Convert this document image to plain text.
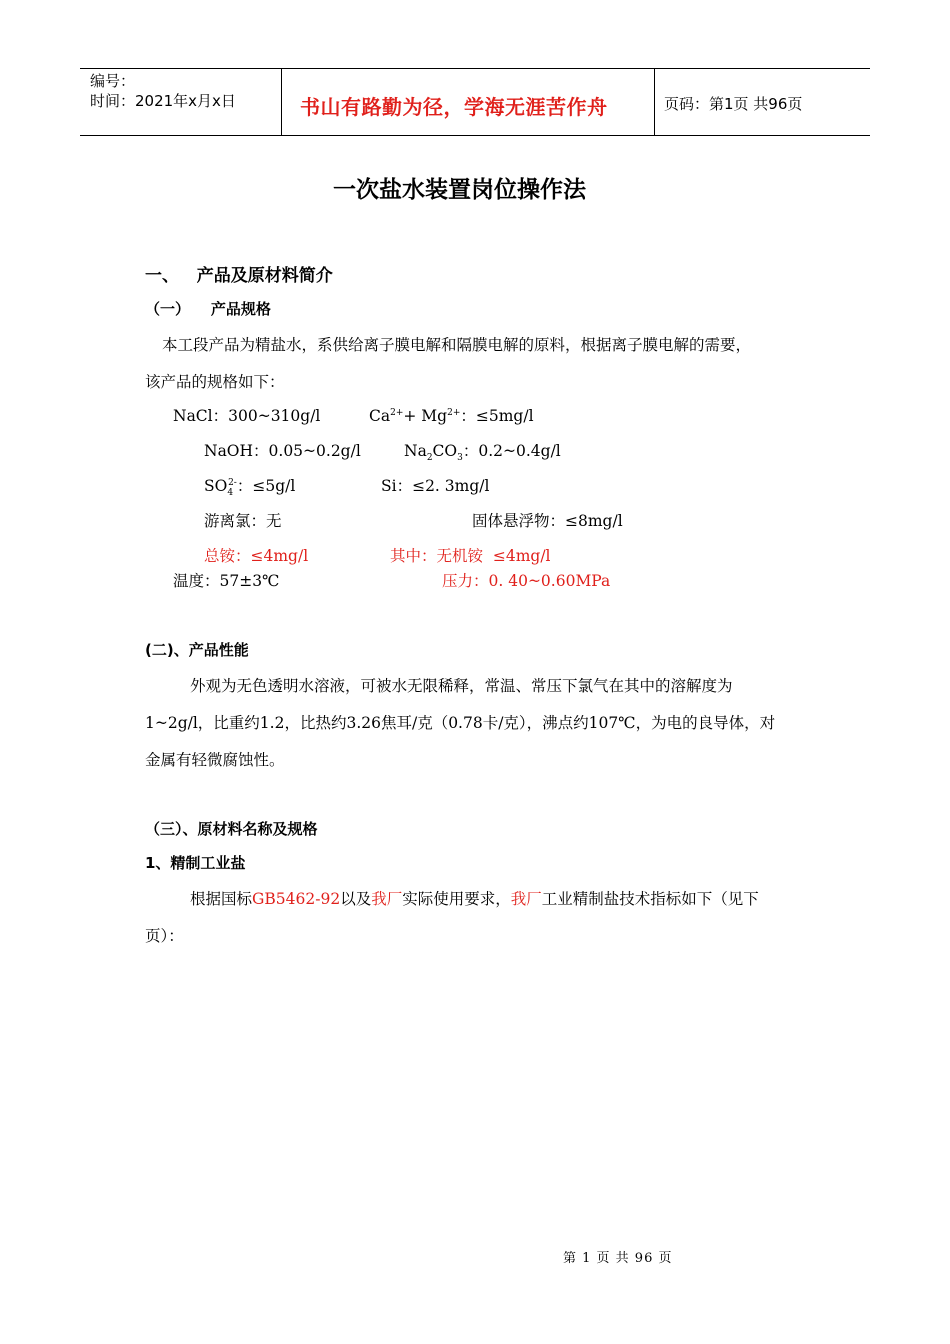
编号：
时间：2021年x月x日	书山有路勤为径，学海无涯苦作舟	页码：第1页 共96页
一次盐水装置岗位操作法
一、   产品及原材料简介
（一）    产品规格
本工段产品为精盐水，系供给离子膜电解和隔膜电解的原料，根据离子膜电解的需要，
该产品的规格如下：
NaCl：300~310g/l	$Ca^{2+}+ Mg^{2+}$：≤5mg/l
NaOH：0.05~0.2g/l	$Na_2CO_3$：0.2~0.4g/l
$SO_4^{2-}$：≤5g/l	Si：≤2. 3mg/l
游离氯：无	固体悬浮物：≤8mg/l
总铵：≤4mg/l	其中：无机铵  ≤4mg/l
温度：57±3℃	压力：0. 40~0.60MPa
(二)、产品性能
外观为无色透明水溶液，可被水无限稀释，常温、常压下氯气在其中的溶解度为
1~2g/l，比重约1.2，比热约3.26焦耳/克（0.78卡/克），沸点约107℃，为电的良导体，对
金属有轻微腐蚀性。
（三）、原材料名称及规格
1、精制工业盐
根据国标GB5462-92以及我厂实际使用要求，我厂工业精制盐技术指标如下（见下
页）：
第 1 页 共 96 页
